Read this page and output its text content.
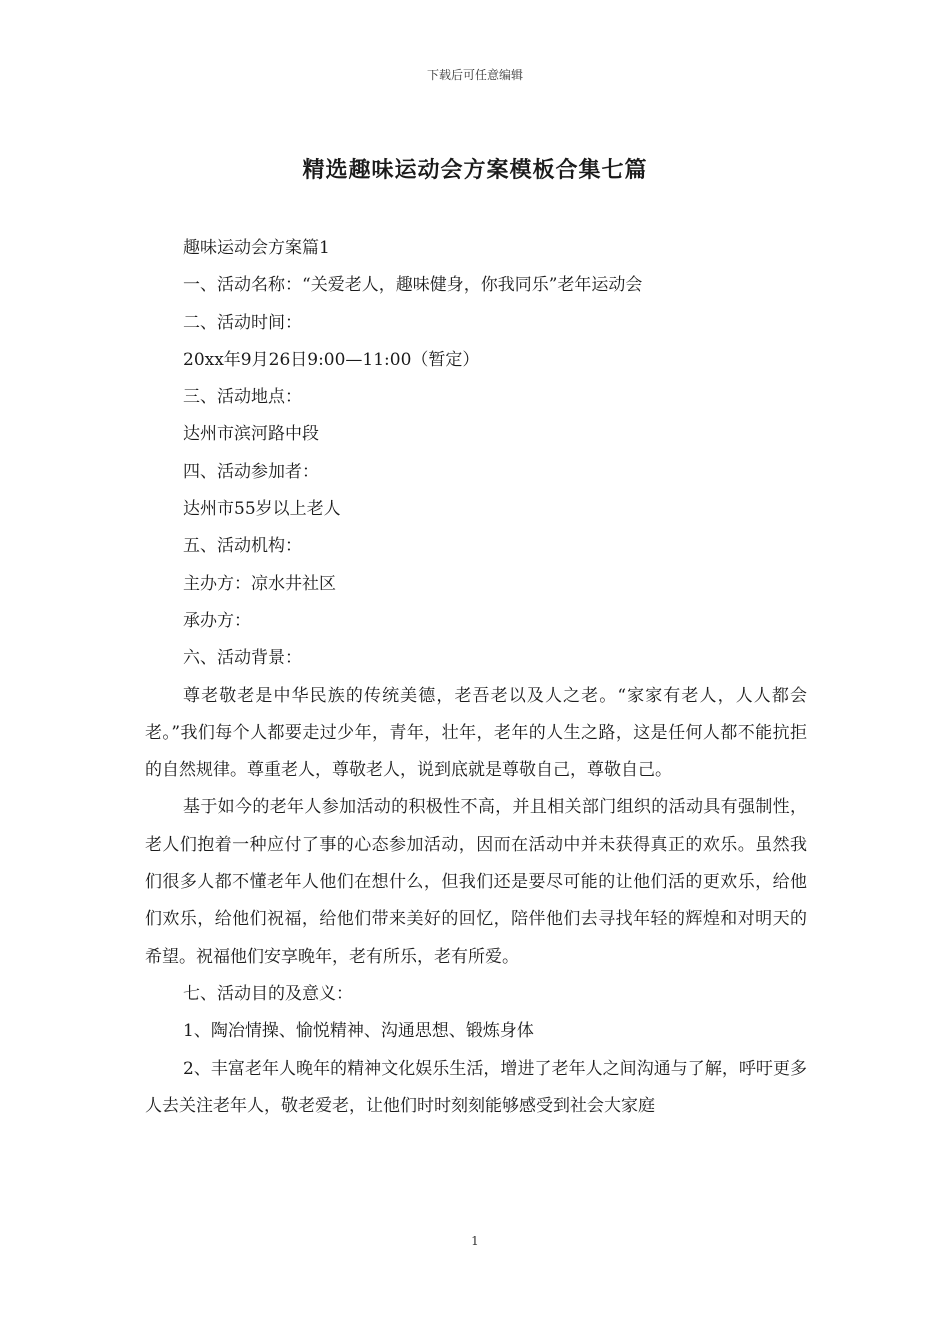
下载后可任意编辑
精选趣味运动会方案模板合集七篇

趣味运动会方案篇1

一、活动名称：“关爱老人，趣味健身，你我同乐”老年运动会

二、活动时间：

20xx年9月26日9:00—11:00（暂定）

三、活动地点：

达州市滨河路中段

四、活动参加者：

达州市55岁以上老人

五、活动机构：

主办方：凉水井社区

承办方：

六、活动背景：

尊老敬老是中华民族的传统美德，老吾老以及人之老。“家家有老人，人人都会老。”我们每个人都要走过少年，青年，壮年，老年的人生之路，这是任何人都不能抗拒的自然规律。尊重老人，尊敬老人，说到底就是尊敬自己，尊敬自己。

基于如今的老年人参加活动的积极性不高，并且相关部门组织的活动具有强制性，老人们抱着一种应付了事的心态参加活动，因而在活动中并未获得真正的欢乐。虽然我们很多人都不懂老年人他们在想什么，但我们还是要尽可能的让他们活的更欢乐，给他们欢乐，给他们祝福，给他们带来美好的回忆，陪伴他们去寻找年轻的辉煌和对明天的希望。祝福他们安享晚年，老有所乐，老有所爱。

七、活动目的及意义：

1、陶冶情操、愉悦精神、沟通思想、锻炼身体

2、丰富老年人晚年的精神文化娱乐生活，增进了老年人之间沟通与了解，呼吁更多人去关注老年人，敬老爱老，让他们时时刻刻能够感受到社会大家庭

1
